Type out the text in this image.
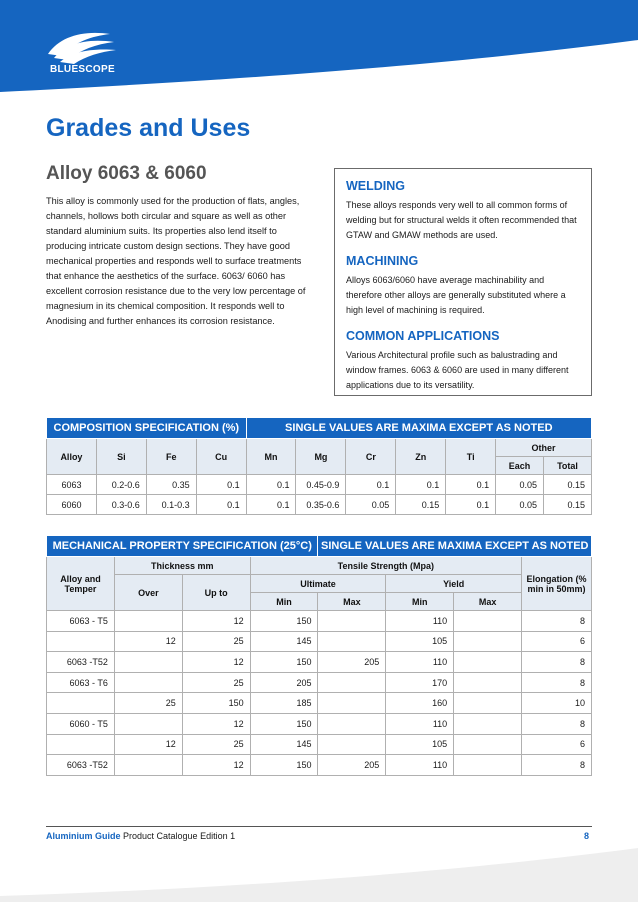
BLUESCOPE
Grades and Uses
Alloy 6063 & 6060

This alloy is commonly used for the production of flats, angles, channels, hollows both circular and square as well as other standard aluminium suits. Its properties also lend itself to producing intricate custom design sections. They have good mechanical properties and responds well to surface treatments that enhance the aesthetics of the surface. 6063/ 6060 has excellent corrosion resistance due to the very low percentage of magnesium in its chemical composition. It responds well to Anodising and further enhances its corrosion resistance.

WELDING

These alloys responds very well to all common forms of welding but for structural welds it often recommended that GTAW and GMAW methods are used.

MACHINING

Alloys 6063/6060 have average machinability and therefore other alloys are generally substituted where a high level of machining is required.

COMMON APPLICATIONS

Various Architectural profile such as balustrading and window frames. 6063 & 6060 are used in many different applications due to its versatility.

COMPOSITION SPECIFICATION (%)				SINGLE VALUES ARE MAXIMA EXCEPT AS NOTED						
Alloy	Si	Fe	Cu	Mn	Mg	Cr	Zn	Ti	Other	
									Each	Total
6063	0.2-0.6	0.35	0.1	0.1	0.45-0.9	0.1	0.1	0.1	0.05	0.15
6060	0.3-0.6	0.1-0.3	0.1	0.1	0.35-0.6	0.05	0.15	0.1	0.05	0.15
MECHANICAL PROPERTY SPECIFICATION (25°C)				SINGLE VALUES ARE MAXIMA EXCEPT AS NOTED			
Alloy and Temper	Thickness mm		Tensile Strength (Mpa)				Elongation (% min in 50mm)
	Over	Up to	Ultimate		Yield		
			Min	Max	Min	Max	
6063 - T5		12	150		110		8
	12	25	145		105		6
6063 -T52		12	150	205	110		8
6063 - T6		25	205		170		8
	25	150	185		160		10
6060 - T5		12	150		110		8
	12	25	145		105		6
6063 -T52		12	150	205	110		8
Aluminium Guide Product Catalogue Edition 1	8
